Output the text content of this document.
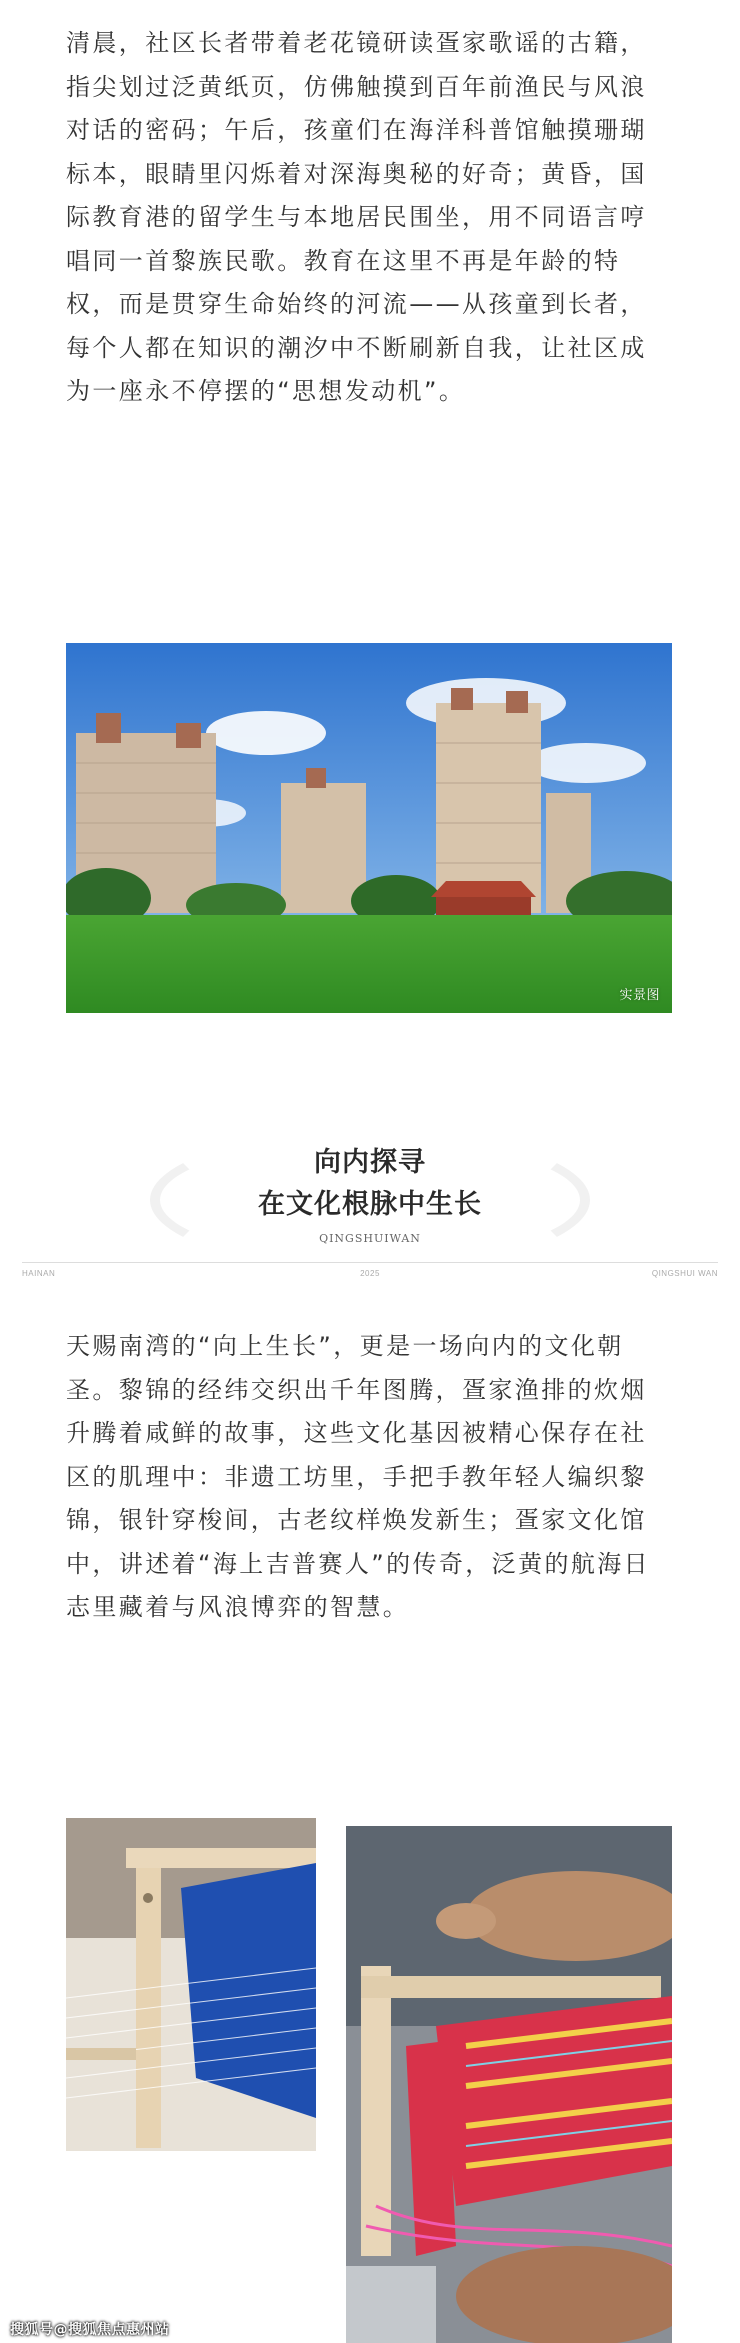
清晨，社区长者带着老花镜研读疍家歌谣的古籍，指尖划过泛黄纸页，仿佛触摸到百年前渔民与风浪对话的密码；午后，孩童们在海洋科普馆触摸珊瑚标本，眼睛里闪烁着对深海奥秘的好奇；黄昏，国际教育港的留学生与本地居民围坐，用不同语言哼唱同一首黎族民歌。教育在这里不再是年龄的特权，而是贯穿生命始终的河流——从孩童到长者，每个人都在知识的潮汐中不断刷新自我，让社区成为一座永不停摆的“思想发动机”。

实景图
向内探寻
在文化根脉中生长
QINGSHUIWAN
HAINAN	2025	QINGSHUI WAN

天赐南湾的“向上生长”，更是一场向内的文化朝圣。黎锦的经纬交织出千年图腾，疍家渔排的炊烟升腾着咸鲜的故事，这些文化基因被精心保存在社区的肌理中：非遗工坊里，手把手教年轻人编织黎锦，银针穿梭间，古老纹样焕发新生；疍家文化馆中，讲述着“海上吉普赛人”的传奇，泛黄的航海日志里藏着与风浪博弈的智慧。

搜狐号@搜狐焦点惠州站
